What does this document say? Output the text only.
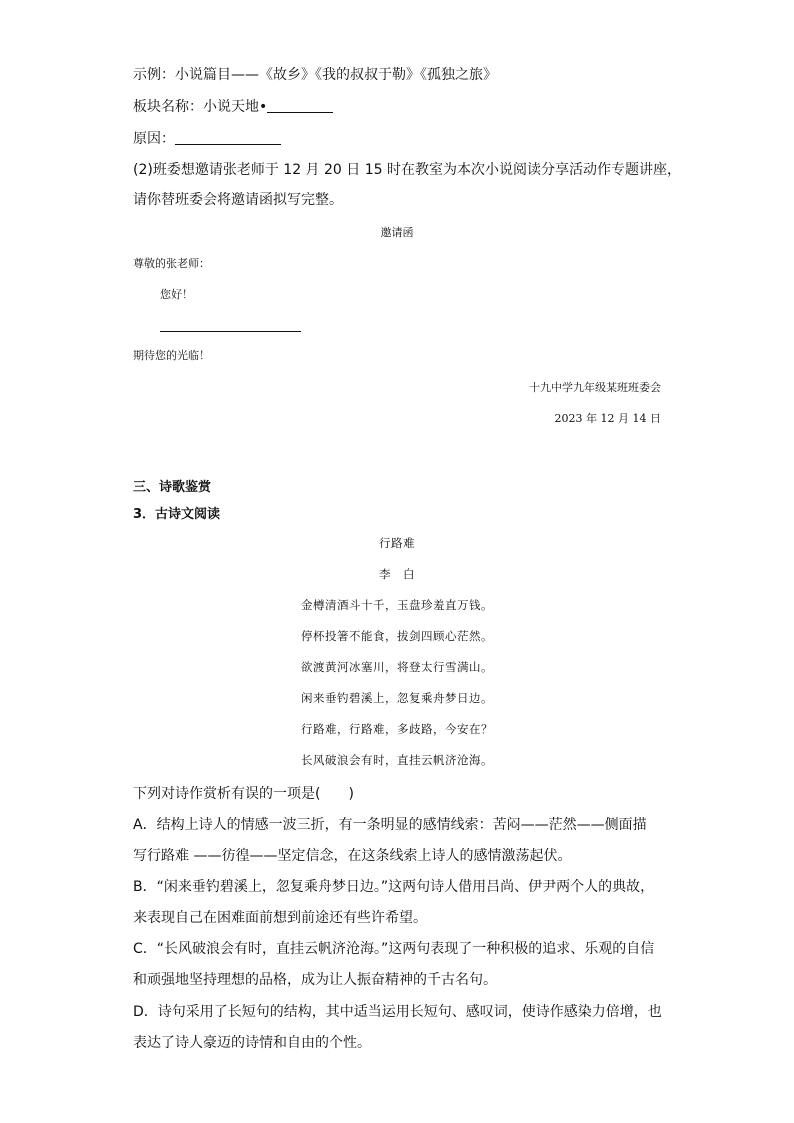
示例：小说篇目——《故乡》《我的叔叔于勒》《孤独之旅》
板块名称：小说天地•
原因：
(2)班委想邀请张老师于 12 月 20 日 15 时在教室为本次小说阅读分享活动作专题讲座，
请你替班委会将邀请函拟写完整。
邀请函
尊敬的张老师：
您好！
期待您的光临！
十九中学九年级某班班委会
2023 年 12 月 14 日
三、诗歌鉴赏
3．古诗文阅读
行路难
李　白
金樽清酒斗十千，玉盘珍羞直万钱。
停杯投箸不能食，拔剑四顾心茫然。
欲渡黄河冰塞川，将登太行雪满山。
闲来垂钓碧溪上，忽复乘舟梦日边。
行路难，行路难，多歧路，今安在？
长风破浪会有时，直挂云帆济沧海。
下列对诗作赏析有误的一项是(　　)
A．结构上诗人的情感一波三折，有一条明显的感情线索：苦闷——茫然——侧面描
写行路难 ——彷徨——坚定信念，在这条线索上诗人的感情激荡起伏。
B．“闲来垂钓碧溪上，忽复乘舟梦日边。”这两句诗人借用吕尚、伊尹两个人的典故，
来表现自己在困难面前想到前途还有些许希望。
C．“长风破浪会有时，直挂云帆济沧海。”这两句表现了一种积极的追求、乐观的自信
和顽强地坚持理想的品格，成为让人振奋精神的千古名句。
D．诗句采用了长短句的结构，其中适当运用长短句、感叹词，使诗作感染力倍增，也
表达了诗人豪迈的诗情和自由的个性。
